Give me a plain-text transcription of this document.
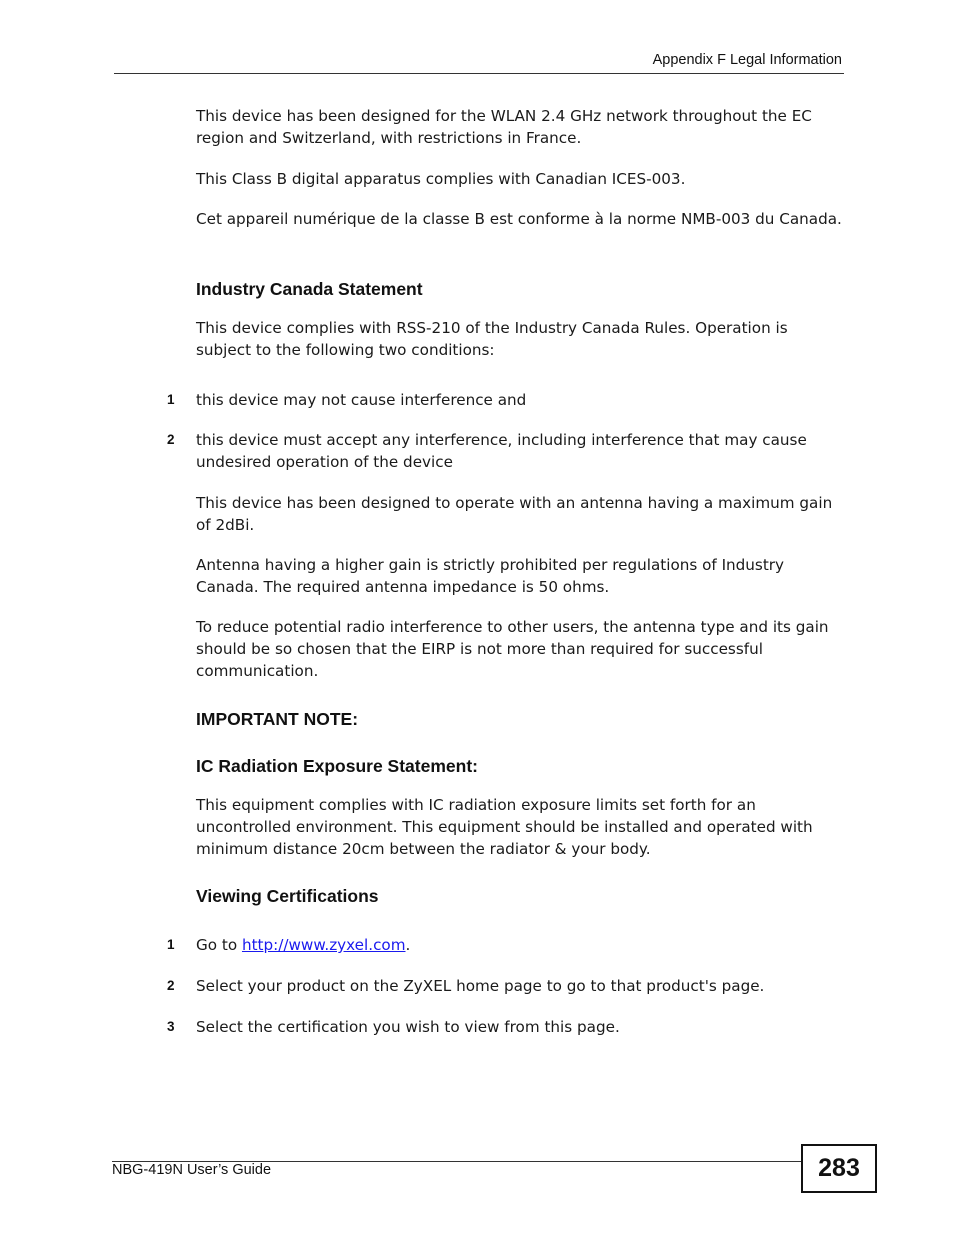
Appendix F Legal Information

This device has been designed for the WLAN 2.4 GHz network throughout the EC region and Switzerland, with restrictions in France.

This Class B digital apparatus complies with Canadian ICES-003.

Cet appareil numérique de la classe B est conforme à la norme NMB-003 du Canada.

Industry Canada Statement

This device complies with RSS-210 of the Industry Canada Rules. Operation is subject to the following two conditions:

1 this device may not cause interference and

2 this device must accept any interference, including interference that may cause undesired operation of the device

This device has been designed to operate with an antenna having a maximum gain of 2dBi.

Antenna having a higher gain is strictly prohibited per regulations of Industry Canada. The required antenna impedance is 50 ohms.

To reduce potential radio interference to other users, the antenna type and its gain should be so chosen that the EIRP is not more than required for successful communication.

IMPORTANT NOTE:
IC Radiation Exposure Statement:

This equipment complies with IC radiation exposure limits set forth for an uncontrolled environment. This equipment should be installed and operated with minimum distance 20cm between the radiator & your body.

Viewing Certifications
1 Go to http://www.zyxel.com.

2 Select your product on the ZyXEL home page to go to that product's page.

3 Select the certification you wish to view from this page.

NBG-419N User’s Guide	283
